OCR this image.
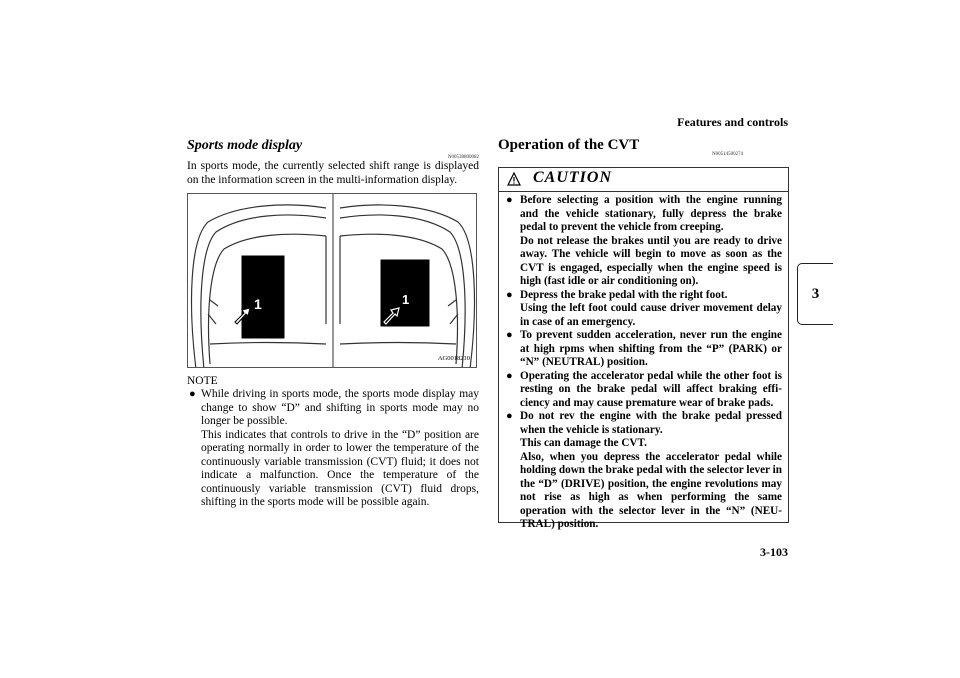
Features and controls
3
3-103
Sports mode display
N00538800082

In sports mode, the currently selected shift range is displayed on the information screen in the multi-information display.

1	1
AG0018210
NOTE
● While driving in sports mode, the sports mode display may change to show “D” and shifting in sports mode may no longer be possible.
This indicates that controls to drive in the “D” position are operating normally in order to lower the temperature of the continuously variable transmission (CVT) fluid; it does not indicate a malfunction. Once the temperature of the continuously variable transmission (CVT) fluid drops, shifting in the sports mode will be possible again.
Operation of the CVT
N00514500274
CAUTION
● Before selecting a position with the engine running and the vehicle stationary, fully depress the brake pedal to prevent the vehicle from creeping.
Do not release the brakes until you are ready to drive away. The vehicle will begin to move as soon as the CVT is engaged, especially when the engine speed is high (fast idle or air conditioning on).
● Depress the brake pedal with the right foot.
Using the left foot could cause driver movement delay in case of an emergency.
● To prevent sudden acceleration, never run the engine at high rpms when shifting from the “P” (PARK) or “N” (NEUTRAL) position.
● Operating the accelerator pedal while the other foot is resting on the brake pedal will affect braking effi-ciency and may cause premature wear of brake pads.
● Do not rev the engine with the brake pedal pressed when the vehicle is stationary.
This can damage the CVT.
Also, when you depress the accelerator pedal while holding down the brake pedal with the selector lever in the “D” (DRIVE) position, the engine revolutions may not rise as high as when performing the same operation with the selector lever in the “N” (NEU-TRAL) position.
